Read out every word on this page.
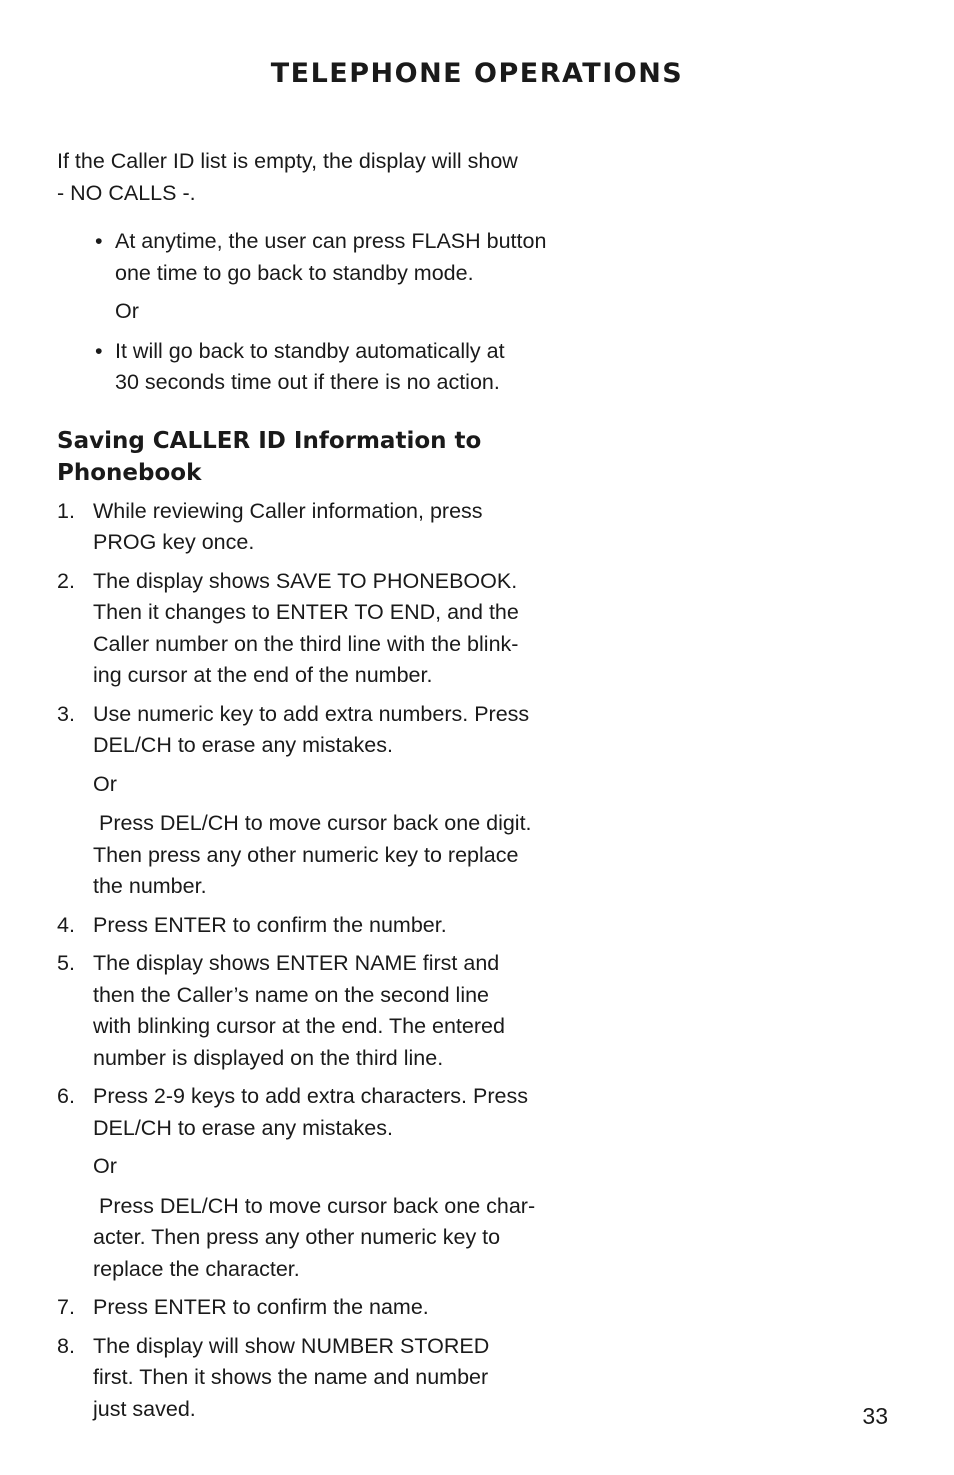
TELEPHONE OPERATIONS

If the Caller ID list is empty, the display will show
- NO CALLS -.

• At anytime, the user can press FLASH button
one time to go back to standby mode.
Or
• It will go back to standby automatically at
30 seconds time out if there is no action.
Saving CALLER ID Information to
Phonebook
1. While reviewing Caller information, press
PROG key once.
2. The display shows SAVE TO PHONEBOOK.
Then it changes to ENTER TO END, and the
Caller number on the third line with the blink-
ing cursor at the end of the number.
3. Use numeric key to add extra numbers. Press
DEL/CH to erase any mistakes.
Or
Press DEL/CH to move cursor back one digit.
Then press any other numeric key to replace
the number.
4. Press ENTER to confirm the number.
5. The display shows ENTER NAME first and
then the Caller’s name on the second line
with blinking cursor at the end. The entered
number is displayed on the third line.
6. Press 2-9 keys to add extra characters. Press
DEL/CH to erase any mistakes.
Or
Press DEL/CH to move cursor back one char-
acter. Then press any other numeric key to
replace the character.
7. Press ENTER to confirm the name.
8. The display will show NUMBER STORED
first. Then it shows the name and number
just saved.	33
